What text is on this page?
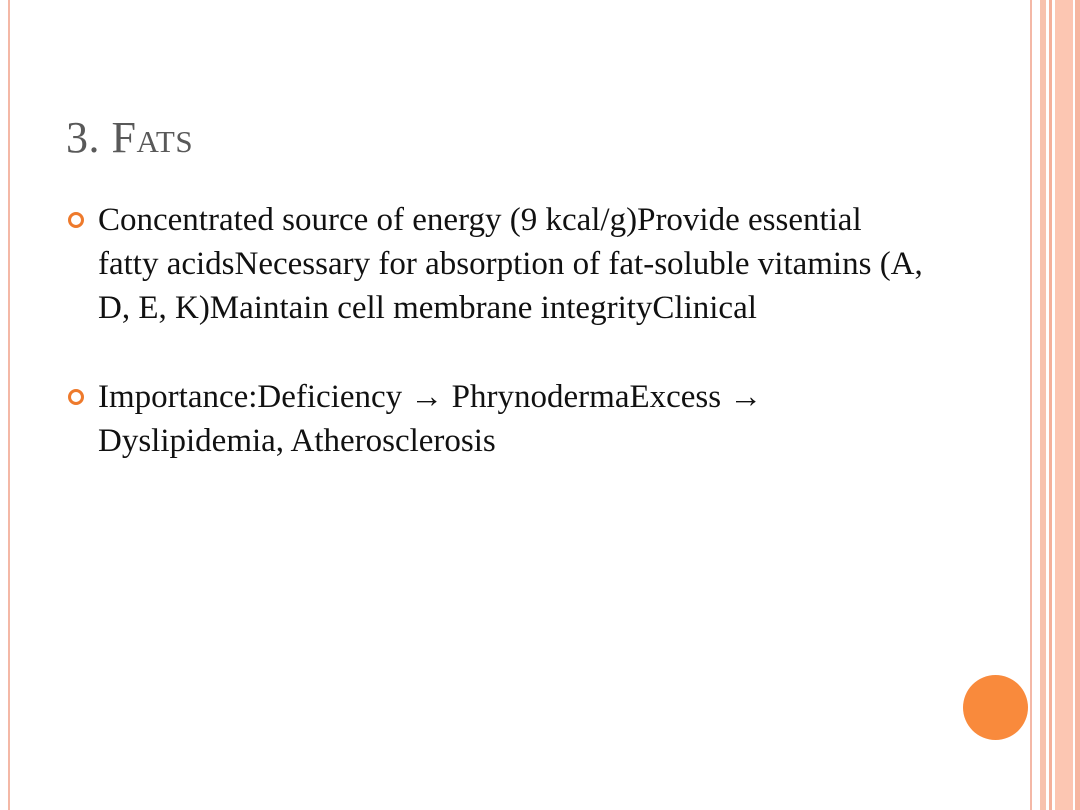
3. Fats
Concentrated source of energy (9 kcal/g)Provide essential fatty acidsNecessary for absorption of fat-soluble vitamins (A, D, E, K)Maintain cell membrane integrityClinical
Importance:Deficiency → PhrynodermaExcess → Dyslipidemia, Atherosclerosis
